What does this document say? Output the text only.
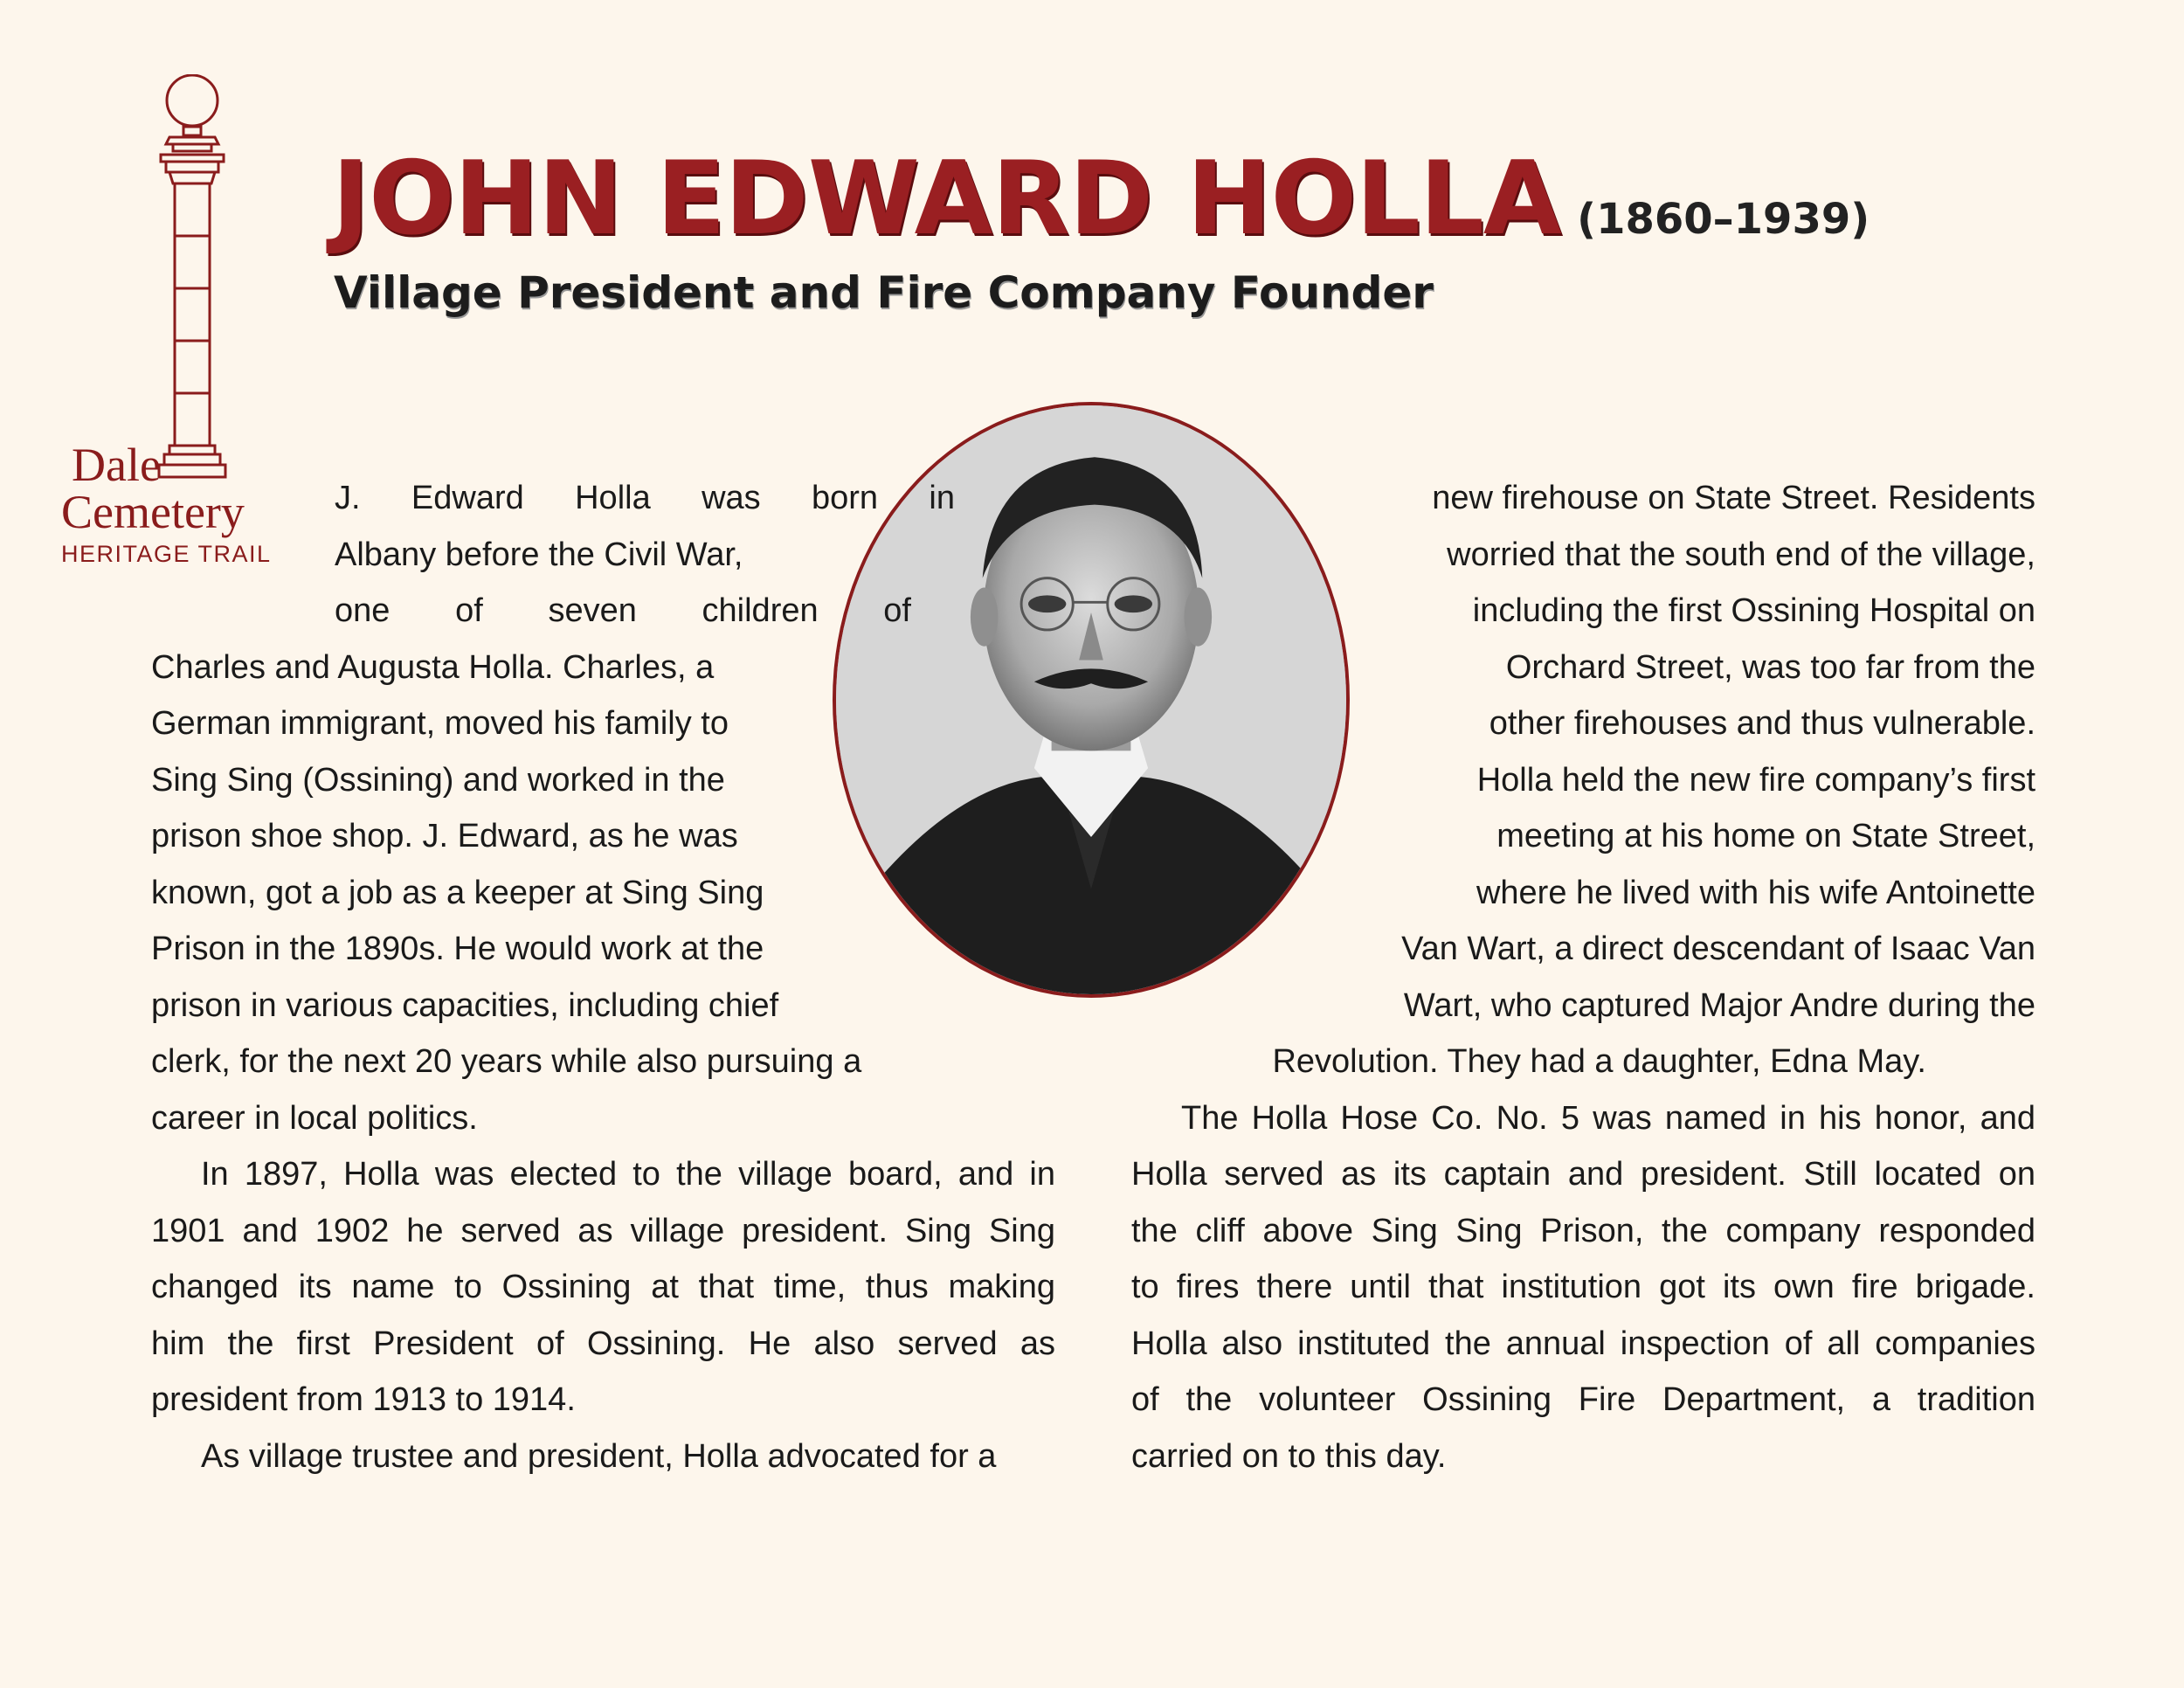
Dale
Cemetery
HERITAGE TRAIL
JOHN EDWARD HOLLA (1860–1939)
Village President and Fire Company Founder
J. Edward Holla was born in
Albany before the Civil War,
one of seven children of
Charles and Augusta Holla. Charles, a
German immigrant, moved his family to
Sing Sing (Ossining) and worked in the
prison shoe shop. J. Edward, as he was
known, got a job as a keeper at Sing Sing
Prison in the 1890s. He would work at the
prison in various capacities, including chief
clerk, for the next 20 years while also pursuing a
career in local politics.
In 1897, Holla was elected to the village board, and in
1901 and 1902 he served as village president. Sing Sing
changed its name to Ossining at that time, thus making
him the first President of Ossining. He also served as
president from 1913 to 1914.
As village trustee and president, Holla advocated for a
new firehouse on State Street. Residents
worried that the south end of the village,
including the first Ossining Hospital on
Orchard Street, was too far from the
other firehouses and thus vulnerable.
Holla held the new fire company’s first
meeting at his home on State Street,
where he lived with his wife Antoinette
Van Wart, a direct descendant of Isaac Van
Wart, who captured Major Andre during the
Revolution. They had a daughter, Edna May.
The Holla Hose Co. No. 5 was named in his honor, and
Holla served as its captain and president. Still located on
the cliff above Sing Sing Prison, the company responded
to fires there until that institution got its own fire brigade.
Holla also instituted the annual inspection of all companies
of the volunteer Ossining Fire Department, a tradition
carried on to this day.
